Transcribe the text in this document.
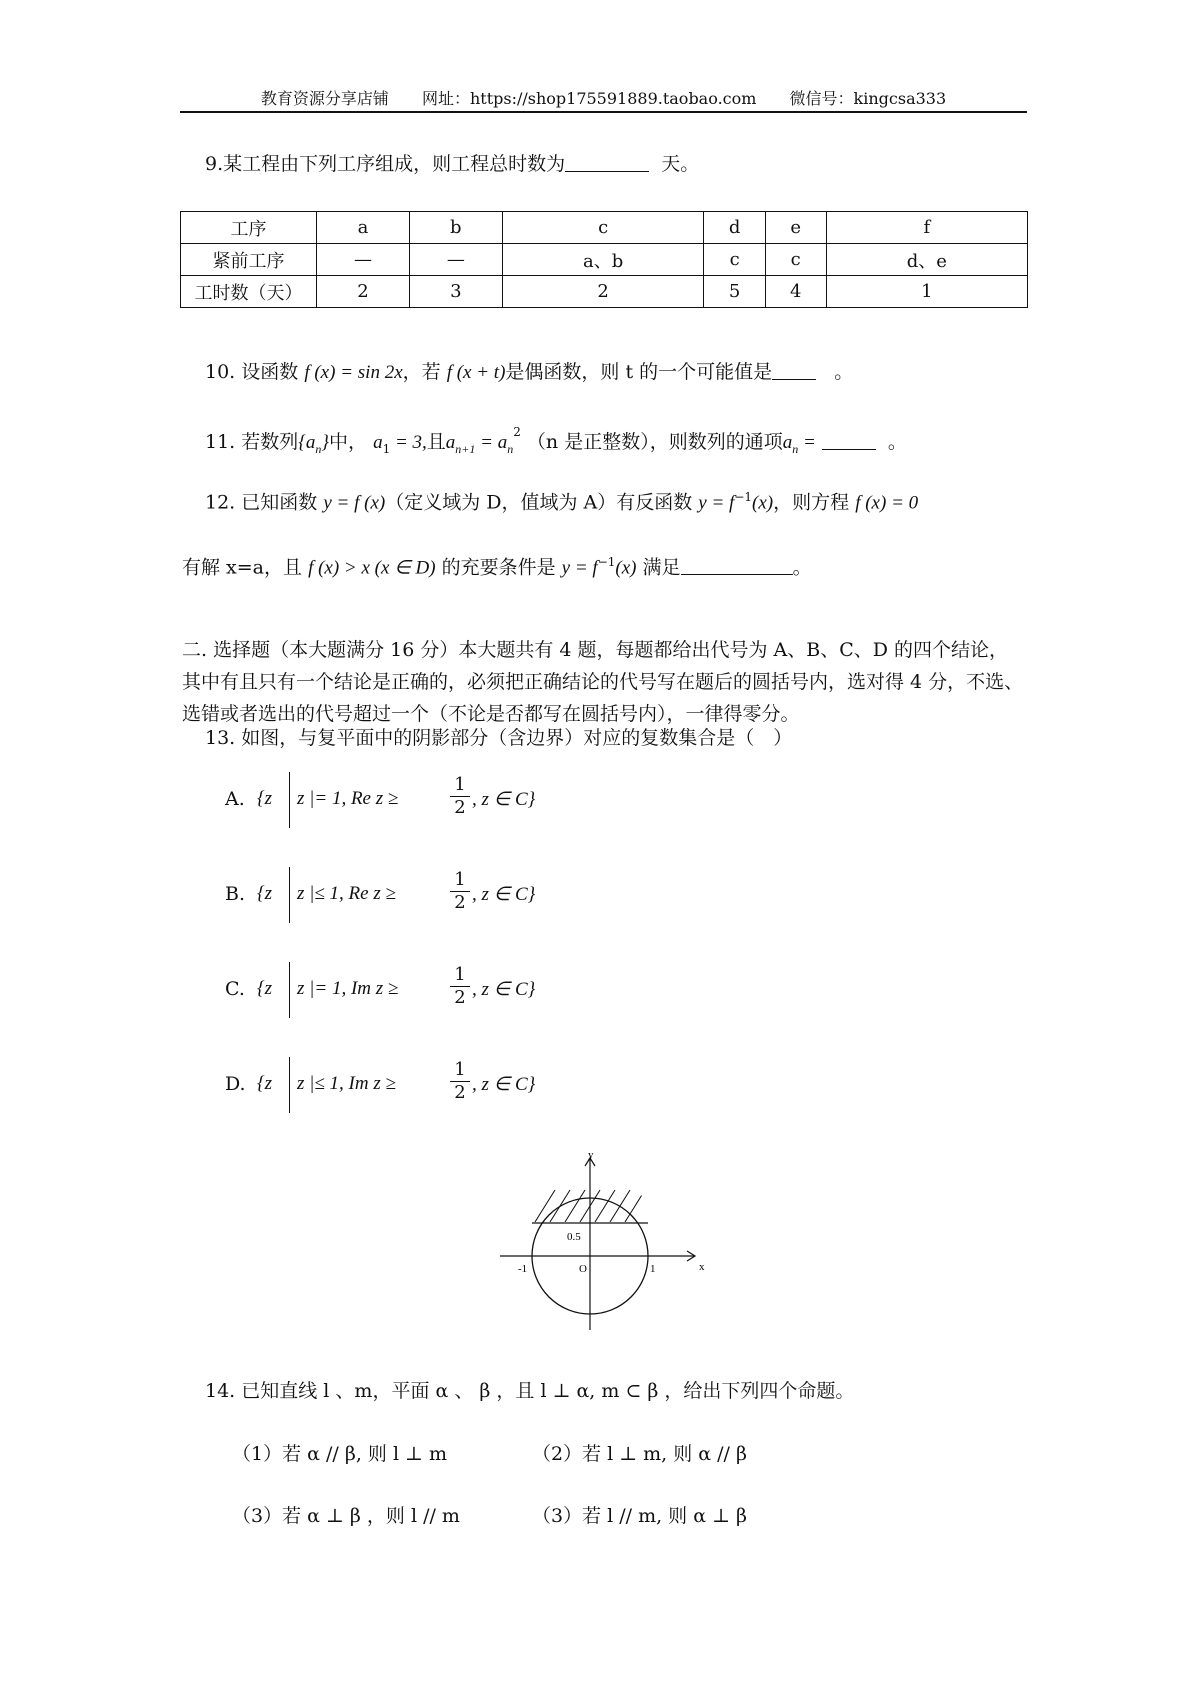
教育资源分享店铺 网址：https://shop175591889.taobao.com 微信号：kingcsa333
9.某工程由下列工序组成，则工程总时数为	天。
工序	a	b	c	d	e	f
紧前工序	—	—	a、b	c	c	d、e
工时数（天）	2	3	2	5	4	1
10. 设函数 f (x) = sin 2x，若 f (x + t)是偶函数，则 t 的一个可能值是	。
11. 若数列$\{a_n\}$中， $a_1 = 3$,且$a_{n+1} = a_n^2$ （n 是正整数），则数列的通项$a_n$ =	。
12. 已知函数 y = f (x)（定义域为 D，值域为 A）有反函数 $y = f^{-1}(x)$，则方程 f (x) = 0
有解 x=a，且 f (x) > x (x ∈ D) 的充要条件是 $y = f^{-1}(x)$ 满足	。
二. 选择题（本大题满分 16 分）本大题共有 4 题，每题都给出代号为 A、B、C、D 的四个结论，其中有且只有一个结论是正确的，必须把正确结论的代号写在题后的圆括号内，选对得 4 分，不选、选错或者选出的代号超过一个（不论是否都写在圆括号内），一律得零分。
13. 如图，与复平面中的阴影部分（含边界）对应的复数集合是（　）
A. {z z |= 1, Re z ≥
1
2 , z ∈ C}
B. {z z |≤ 1, Re z ≥
1
2 , z ∈ C}
C. {z z |= 1, Im z ≥
1
2 , z ∈ C}
D. {z z |≤ 1, Im z ≥
1
2 , z ∈ C}
y
x
O
-1	1
0.5
14. 已知直线 l 、m，平面 α 、 β ，且 l ⊥ α, m ⊂ β ，给出下列四个命题。
（1）若 α // β, 则 l ⊥ m	（2）若 l ⊥ m, 则 α // β
（3）若 α ⊥ β ，则 l // m	（3）若 l // m, 则 α ⊥ β
